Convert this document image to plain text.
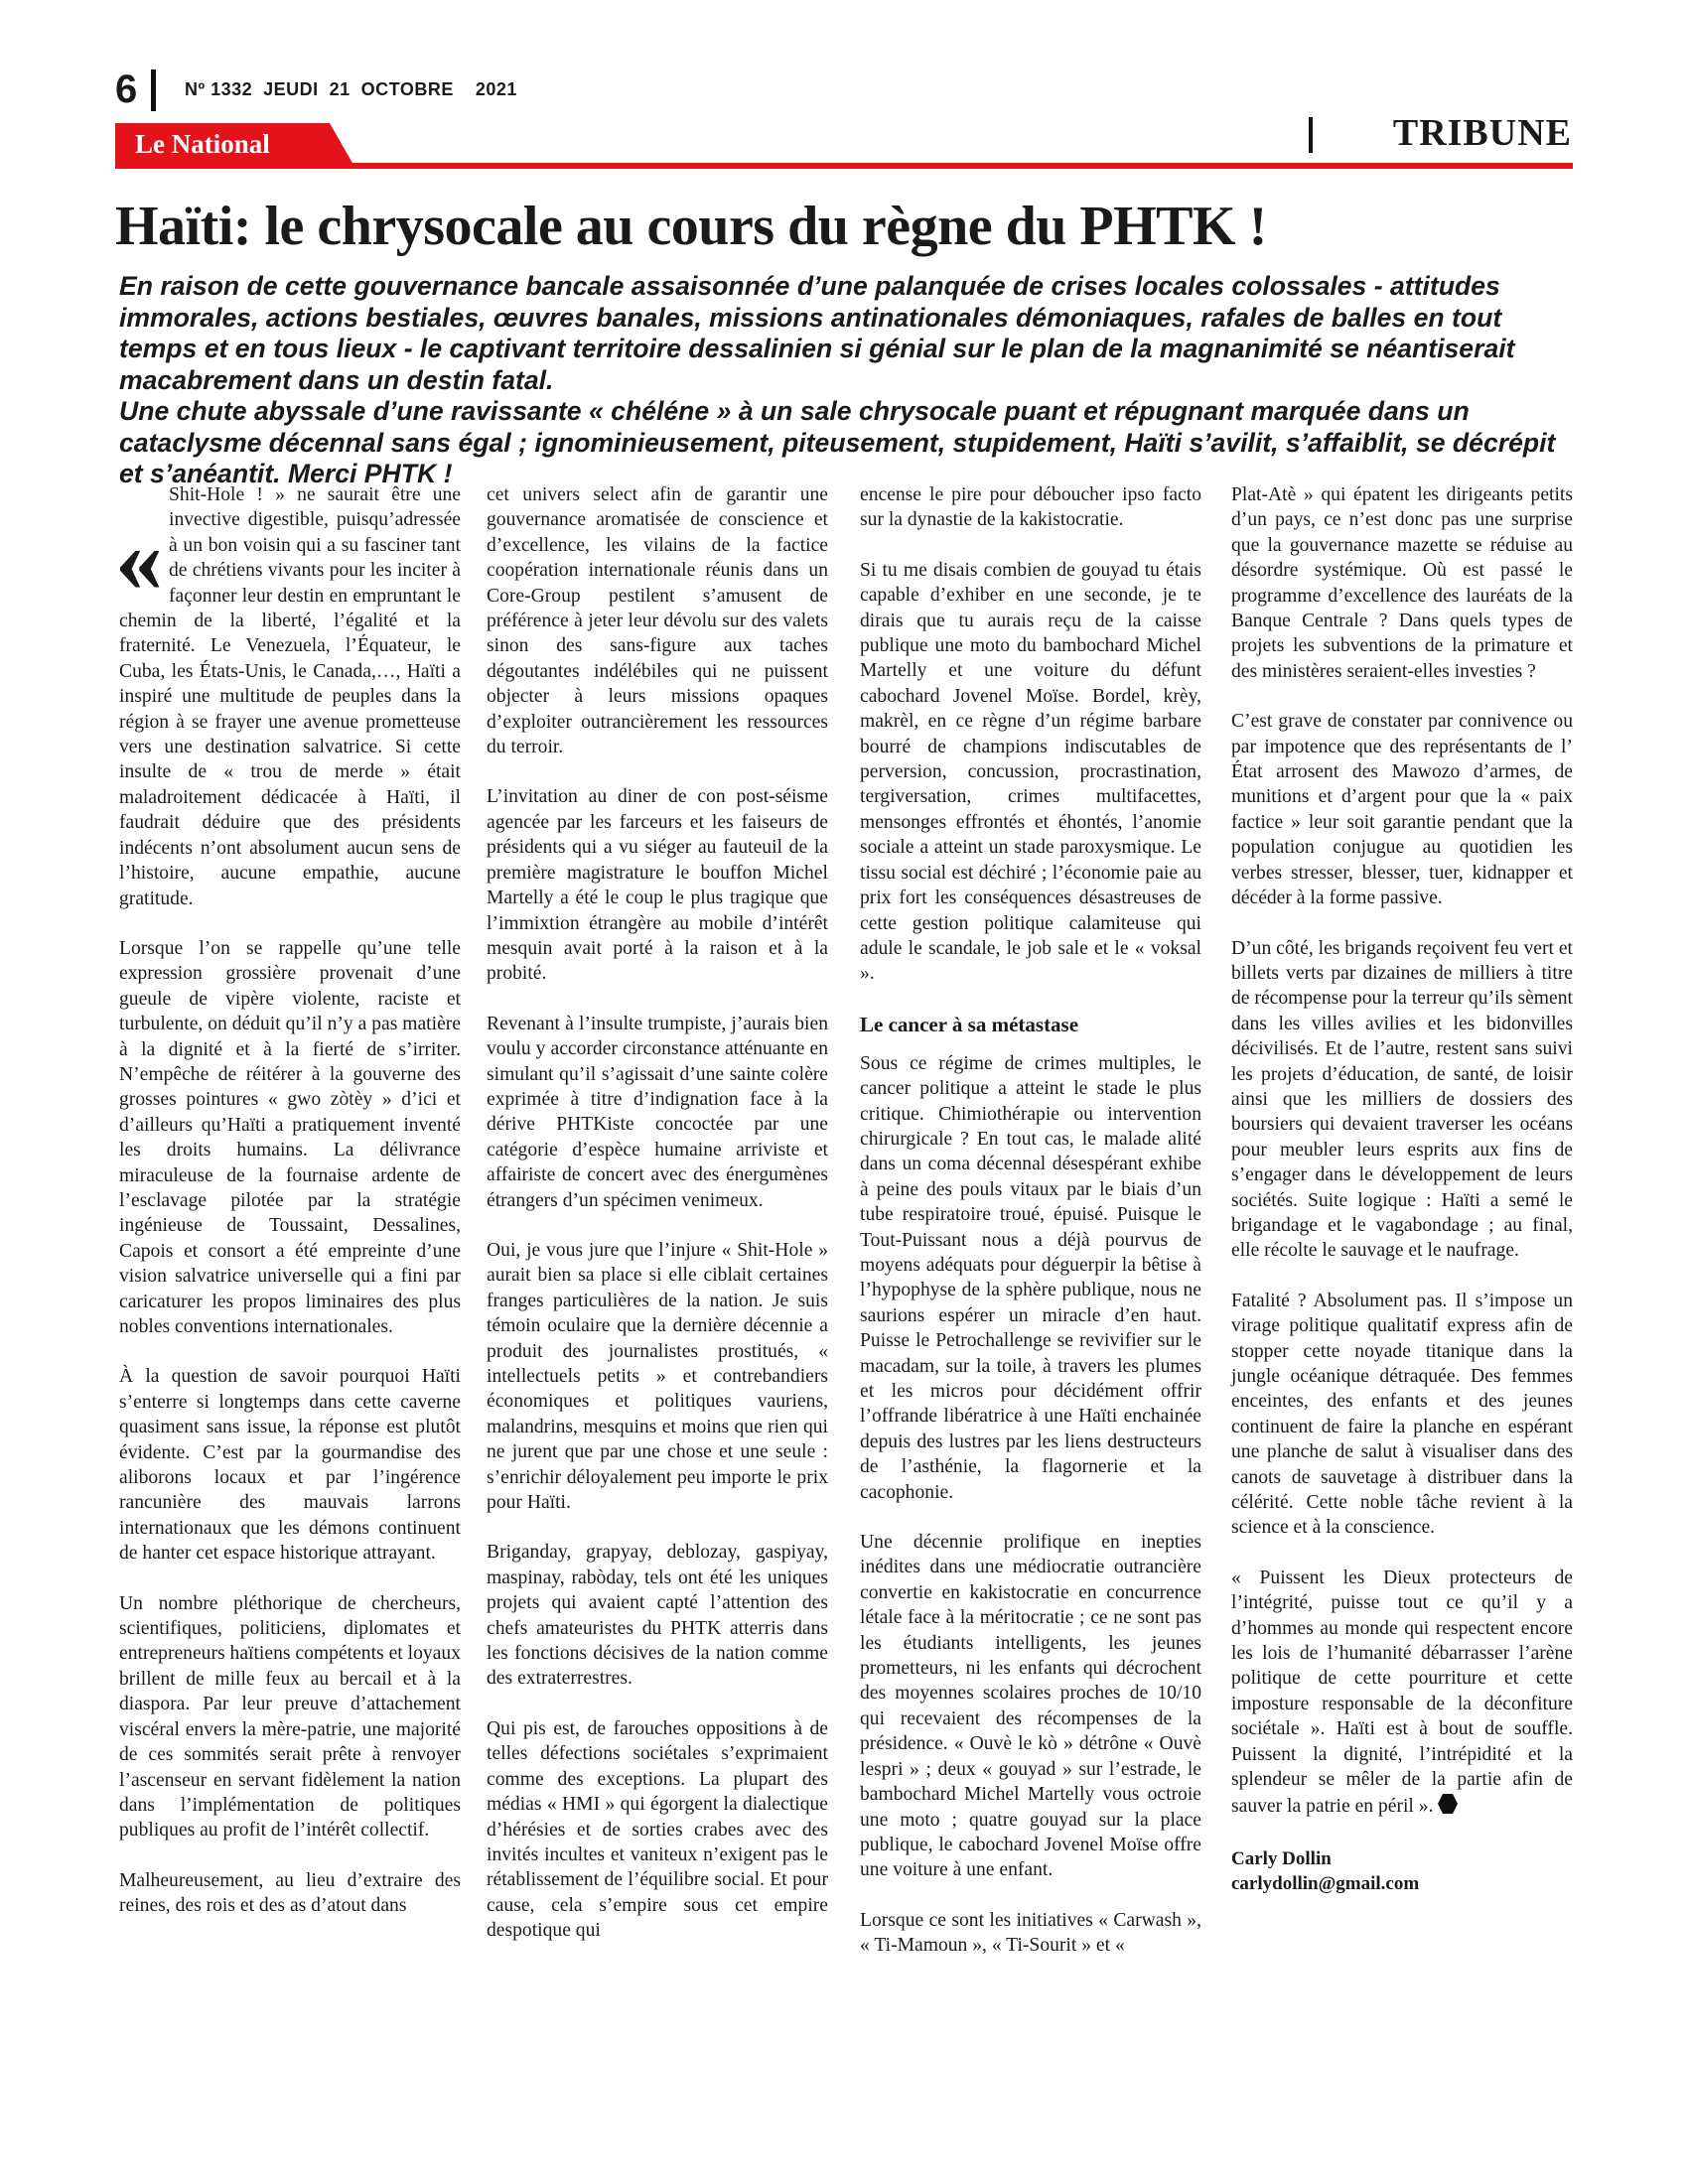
6	Nº 1332  JEUDI  21  OCTOBRE    2021
Le National	TRIBUNE
Haïti: le chrysocale au cours du règne du PHTK !

En raison de cette gouvernance bancale assaisonnée d’une palanquée de crises locales colossales - attitudes immorales, actions bestiales, œuvres banales, missions antinationales démoniaques, rafales de balles en tout temps et en tous lieux - le captivant territoire dessalinien si génial sur le plan de la magnanimité se néantiserait macabrement dans un destin fatal.

Une chute abyssale d’une ravissante « chéléne » à un sale chrysocale puant et répugnant marquée dans un cataclysme décennal sans égal ; ignominieusement, piteusement, stupidement, Haïti s’avilit, s’affaiblit, se décrépit et s’anéantit. Merci PHTK !

«
Shit-Hole ! » ne saurait être une invective digestible, puisqu’adressée à un bon voisin qui a su fasciner tant de chrétiens vivants pour les inciter à façonner leur destin en empruntant le chemin de la liberté, l’égalité et la fraternité. Le Venezuela, l’Équateur, le Cuba, les États-Unis, le Canada,…, Haïti a inspiré une multitude de peuples dans la région à se frayer une avenue prometteuse vers une destination salvatrice. Si cette insulte de « trou de merde » était maladroitement dédicacée à Haïti, il faudrait déduire que des présidents indécents n’ont absolument aucun sens de l’histoire, aucune empathie, aucune gratitude.

Lorsque l’on se rappelle qu’une telle expression grossière provenait d’une gueule de vipère violente, raciste et turbulente, on déduit qu’il n’y a pas matière à la dignité et à la fierté de s’irriter. N’empêche de réitérer à la gouverne des grosses pointures « gwo zòtèy » d’ici et d’ailleurs qu’Haïti a pratiquement inventé les droits humains. La délivrance miraculeuse de la fournaise ardente de l’esclavage pilotée par la stratégie ingénieuse de Toussaint, Dessalines, Capois et consort a été empreinte d’une vision salvatrice universelle qui a fini par caricaturer les propos liminaires des plus nobles conventions internationales.

À la question de savoir pourquoi Haïti s’enterre si longtemps dans cette caverne quasiment sans issue, la réponse est plutôt évidente. C’est par la gourmandise des aliborons locaux et par l’ingérence rancunière des mauvais larrons internationaux que les démons continuent de hanter cet espace historique attrayant.

Un nombre pléthorique de chercheurs, scientifiques, politiciens, diplomates et entrepreneurs haïtiens compétents et loyaux brillent de mille feux au bercail et à la diaspora. Par leur preuve d’attachement viscéral envers la mère-patrie, une majorité de ces sommités serait prête à renvoyer l’ascenseur en servant fidèlement la nation dans l’implémentation de politiques publiques au profit de l’intérêt collectif.

Malheureusement, au lieu d’extraire des reines, des rois et des as d’atout dans

cet univers select afin de garantir une gouvernance aromatisée de conscience et d’excellence, les vilains de la factice coopération internationale réunis dans un Core-Group pestilent s’amusent de préférence à jeter leur dévolu sur des valets sinon des sans-figure aux taches dégoutantes indélébiles qui ne puissent objecter à leurs missions opaques d’exploiter outrancièrement les ressources du terroir.

L’invitation au diner de con post-séisme agencée par les farceurs et les faiseurs de présidents qui a vu siéger au fauteuil de la première magistrature le bouffon Michel Martelly a été le coup le plus tragique que l’immixtion étrangère au mobile d’intérêt mesquin avait porté à la raison et à la probité.

Revenant à l’insulte trumpiste, j’aurais bien voulu y accorder circonstance atténuante en simulant qu’il s’agissait d’une sainte colère exprimée à titre d’indignation face à la dérive PHTKiste concoctée par une catégorie d’espèce humaine arriviste et affairiste de concert avec des énergumènes étrangers d’un spécimen venimeux.

Oui, je vous jure que l’injure « Shit-Hole » aurait bien sa place si elle ciblait certaines franges particulières de la nation. Je suis témoin oculaire que la dernière décennie a produit des journalistes prostitués, « intellectuels petits » et contrebandiers économiques et politiques vauriens, malandrins, mesquins et moins que rien qui ne jurent que par une chose et une seule : s’enrichir déloyalement peu importe le prix pour Haïti.

Briganday, grapyay, deblozay, gaspiyay, maspinay, rabòday, tels ont été les uniques projets qui avaient capté l’attention des chefs amateuristes du PHTK atterris dans les fonctions décisives de la nation comme des extraterrestres.

Qui pis est, de farouches oppositions à de telles défections sociétales s’exprimaient comme des exceptions. La plupart des médias « HMI » qui égorgent la dialectique d’hérésies et de sorties crabes avec des invités incultes et vaniteux n’exigent pas le rétablissement de l’équilibre social. Et pour cause, cela s’empire sous cet empire despotique qui

encense le pire pour déboucher ipso facto sur la dynastie de la kakistocratie.

Si tu me disais combien de gouyad tu étais capable d’exhiber en une seconde, je te dirais que tu aurais reçu de la caisse publique une moto du bambochard Michel Martelly et une voiture du défunt cabochard Jovenel Moïse. Bordel, krèy, makrèl, en ce règne d’un régime barbare bourré de champions indiscutables de perversion, concussion, procrastination, tergiversation, crimes multifacettes, mensonges effrontés et éhontés, l’anomie sociale a atteint un stade paroxysmique. Le tissu social est déchiré ; l’économie paie au prix fort les conséquences désastreuses de cette gestion politique calamiteuse qui adule le scandale, le job sale et le « voksal ».

Le cancer à sa métastase

Sous ce régime de crimes multiples, le cancer politique a atteint le stade le plus critique. Chimiothérapie ou intervention chirurgicale ? En tout cas, le malade alité dans un coma décennal désespérant exhibe à peine des pouls vitaux par le biais d’un tube respiratoire troué, épuisé. Puisque le Tout-Puissant nous a déjà pourvus de moyens adéquats pour déguerpir la bêtise à l’hypophyse de la sphère publique, nous ne saurions espérer un miracle d’en haut. Puisse le Petrochallenge se revivifier sur le macadam, sur la toile, à travers les plumes et les micros pour décidément offrir l’offrande libératrice à une Haïti enchainée depuis des lustres par les liens destructeurs de l’asthénie, la flagornerie et la cacophonie.

Une décennie prolifique en inepties inédites dans une médiocratie outrancière convertie en kakistocratie en concurrence létale face à la méritocratie ; ce ne sont pas les étudiants intelligents, les jeunes prometteurs, ni les enfants qui décrochent des moyennes scolaires proches de 10/10 qui recevaient des récompenses de la présidence. « Ouvè le kò » détrône « Ouvè lespri » ; deux « gouyad » sur l’estrade, le bambochard Michel Martelly vous octroie une moto ; quatre gouyad sur la place publique, le cabochard Jovenel Moïse offre une voiture à une enfant.

Lorsque ce sont les initiatives « Carwash », « Ti-Mamoun », « Ti-Sourit » et «

Plat-Atè » qui épatent les dirigeants petits d’un pays, ce n’est donc pas une surprise que la gouvernance mazette se réduise au désordre systémique. Où est passé le programme d’excellence des lauréats de la Banque Centrale ? Dans quels types de projets les subventions de la primature et des ministères seraient-elles investies ?

C’est grave de constater par connivence ou par impotence que des représentants de l’ État arrosent des Mawozo d’armes, de munitions et d’argent pour que la « paix factice » leur soit garantie pendant que la population conjugue au quotidien les verbes stresser, blesser, tuer, kidnapper et décéder à la forme passive.

D’un côté, les brigands reçoivent feu vert et billets verts par dizaines de milliers à titre de récompense pour la terreur qu’ils sèment dans les villes avilies et les bidonvilles décivilisés. Et de l’autre, restent sans suivi les projets d’éducation, de santé, de loisir ainsi que les milliers de dossiers des boursiers qui devaient traverser les océans pour meubler leurs esprits aux fins de s’engager dans le développement de leurs sociétés. Suite logique : Haïti a semé le brigandage et le vagabondage ; au final, elle récolte le sauvage et le naufrage.

Fatalité ? Absolument pas. Il s’impose un virage politique qualitatif express afin de stopper cette noyade titanique dans la jungle océanique détraquée. Des femmes enceintes, des enfants et des jeunes continuent de faire la planche en espérant une planche de salut à visualiser dans des canots de sauvetage à distribuer dans la célérité. Cette noble tâche revient à la science et à la conscience.

« Puissent les Dieux protecteurs de l’intégrité, puisse tout ce qu’il y a d’hommes au monde qui respectent encore les lois de l’humanité débarrasser l’arène politique de cette pourriture et cette imposture responsable de la déconfiture sociétale ». Haïti est à bout de souffle. Puissent la dignité, l’intrépidité et la splendeur se mêler de la partie afin de sauver la patrie en péril ».

Carly Dollin

carlydollin@gmail.com
